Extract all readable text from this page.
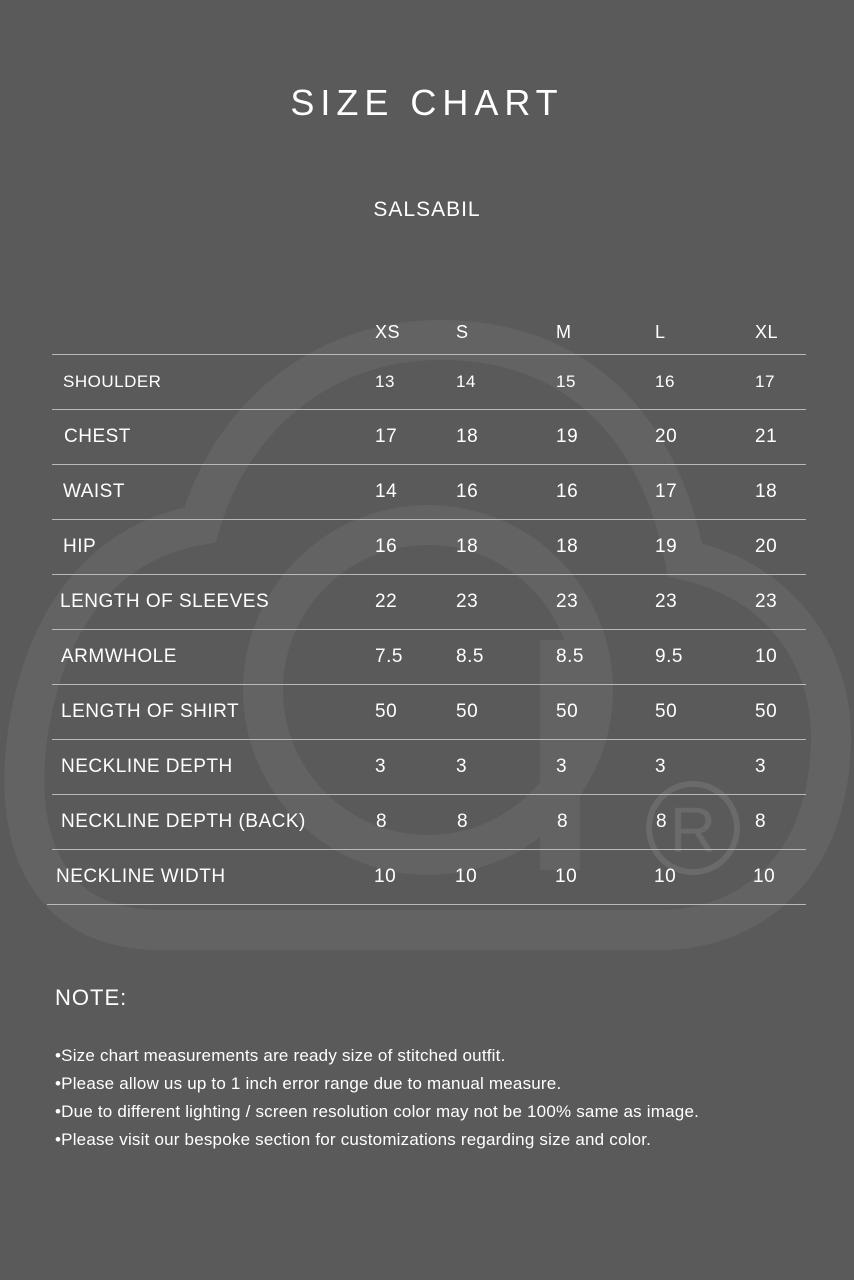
R
SIZE CHART
SALSABIL
XS	S	M	L	XL
SHOULDER	13	14	15	16	17
CHEST	17	18	19	20	21
WAIST	14	16	16	17	18
HIP	16	18	18	19	20
LENGTH OF SLEEVES	22	23	23	23	23
ARMWHOLE	7.5	8.5	8.5	9.5	10
LENGTH OF SHIRT	50	50	50	50	50
NECKLINE DEPTH	3	3	3	3	3
NECKLINE DEPTH (BACK)	8	8	8	8	8
NECKLINE WIDTH	10	10	10	10	10
NOTE:
•Size chart measurements are ready size of stitched outfit.
•Please allow us up to 1 inch error range due to manual measure.
•Due to different lighting / screen resolution color may not be 100% same as image.
•Please visit our bespoke section for customizations regarding size and color.
